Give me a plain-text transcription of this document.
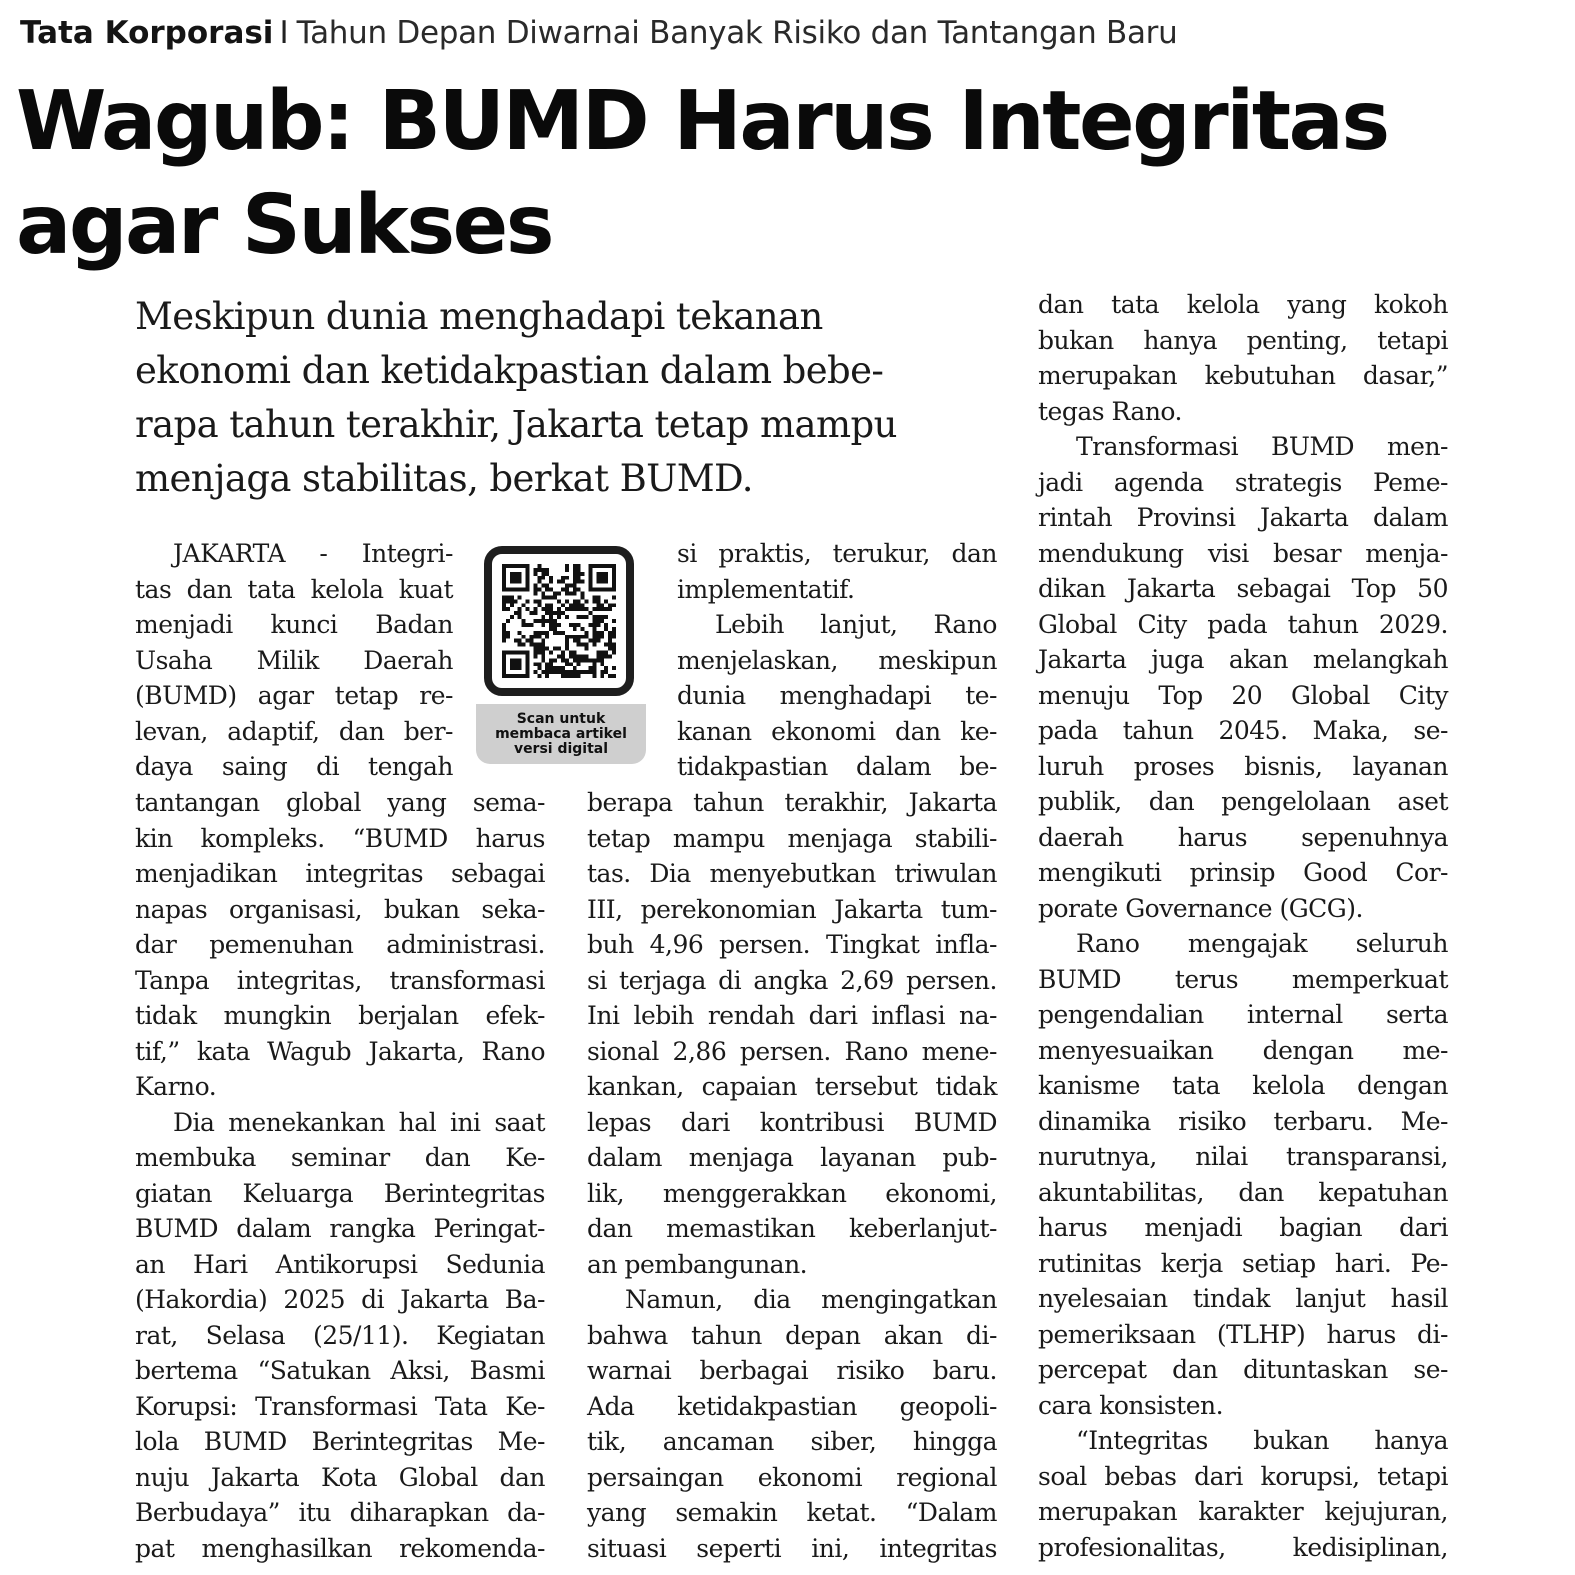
Tata Korporasi I Tahun Depan Diwarnai Banyak Risiko dan Tantangan Baru
Wagub: BUMD Harus Integritas
agar Sukses
Meskipun dunia menghadapi tekanan
ekonomi dan ketidakpastian dalam bebe-
rapa tahun terakhir, Jakarta tetap mampu
menjaga stabilitas, berkat BUMD.
Scan untuk
membaca artikel
versi digital

JAKARTA - Integri-
tas dan tata kelola kuat
menjadi kunci Badan
Usaha Milik Daerah
(BUMD) agar tetap re-
levan, adaptif, dan ber-
daya saing di tengah

tantangan global yang sema-
kin kompleks. “BUMD harus
menjadikan integritas sebagai
napas organisasi, bukan seka-
dar pemenuhan administrasi.
Tanpa integritas, transformasi
tidak mungkin berjalan efek-
tif,” kata Wagub Jakarta, Rano
Karno.

Dia menekankan hal ini saat
membuka seminar dan Ke-
giatan Keluarga Berintegritas
BUMD dalam rangka Peringat-
an Hari Antikorupsi Sedunia
(Hakordia) 2025 di Jakarta Ba-
rat, Selasa (25/11). Kegiatan
bertema “Satukan Aksi, Basmi
Korupsi: Transformasi Tata Ke-
lola BUMD Berintegritas Me-
nuju Jakarta Kota Global dan
Berbudaya” itu diharapkan da-
pat menghasilkan rekomenda-

si praktis, terukur, dan
implementatif.

Lebih lanjut, Rano
menjelaskan, meskipun
dunia menghadapi te-
kanan ekonomi dan ke-
tidakpastian dalam be-

berapa tahun terakhir, Jakarta
tetap mampu menjaga stabili-
tas. Dia menyebutkan triwulan
III, perekonomian Jakarta tum-
buh 4,96 persen. Tingkat infla-
si terjaga di angka 2,69 persen.
Ini lebih rendah dari inflasi na-
sional 2,86 persen. Rano mene-
kankan, capaian tersebut tidak
lepas dari kontribusi BUMD
dalam menjaga layanan pub-
lik, menggerakkan ekonomi,
dan memastikan keberlanjut-
an pembangunan.

Namun, dia mengingatkan
bahwa tahun depan akan di-
warnai berbagai risiko baru.
Ada ketidakpastian geopoli-
tik, ancaman siber, hingga
persaingan ekonomi regional
yang semakin ketat. “Dalam
situasi seperti ini, integritas

dan tata kelola yang kokoh
bukan hanya penting, tetapi
merupakan kebutuhan dasar,”
tegas Rano.

Transformasi BUMD men-
jadi agenda strategis Peme-
rintah Provinsi Jakarta dalam
mendukung visi besar menja-
dikan Jakarta sebagai Top 50
Global City pada tahun 2029.
Jakarta juga akan melangkah
menuju Top 20 Global City
pada tahun 2045. Maka, se-
luruh proses bisnis, layanan
publik, dan pengelolaan aset
daerah harus sepenuhnya
mengikuti prinsip Good Cor-
porate Governance (GCG).

Rano mengajak seluruh
BUMD terus memperkuat
pengendalian internal serta
menyesuaikan dengan me-
kanisme tata kelola dengan
dinamika risiko terbaru. Me-
nurutnya, nilai transparansi,
akuntabilitas, dan kepatuhan
harus menjadi bagian dari
rutinitas kerja setiap hari. Pe-
nyelesaian tindak lanjut hasil
pemeriksaan (TLHP) harus di-
percepat dan dituntaskan se-
cara konsisten.

“Integritas bukan hanya
soal bebas dari korupsi, tetapi
merupakan karakter kejujuran,
profesionalitas, kedisiplinan,
